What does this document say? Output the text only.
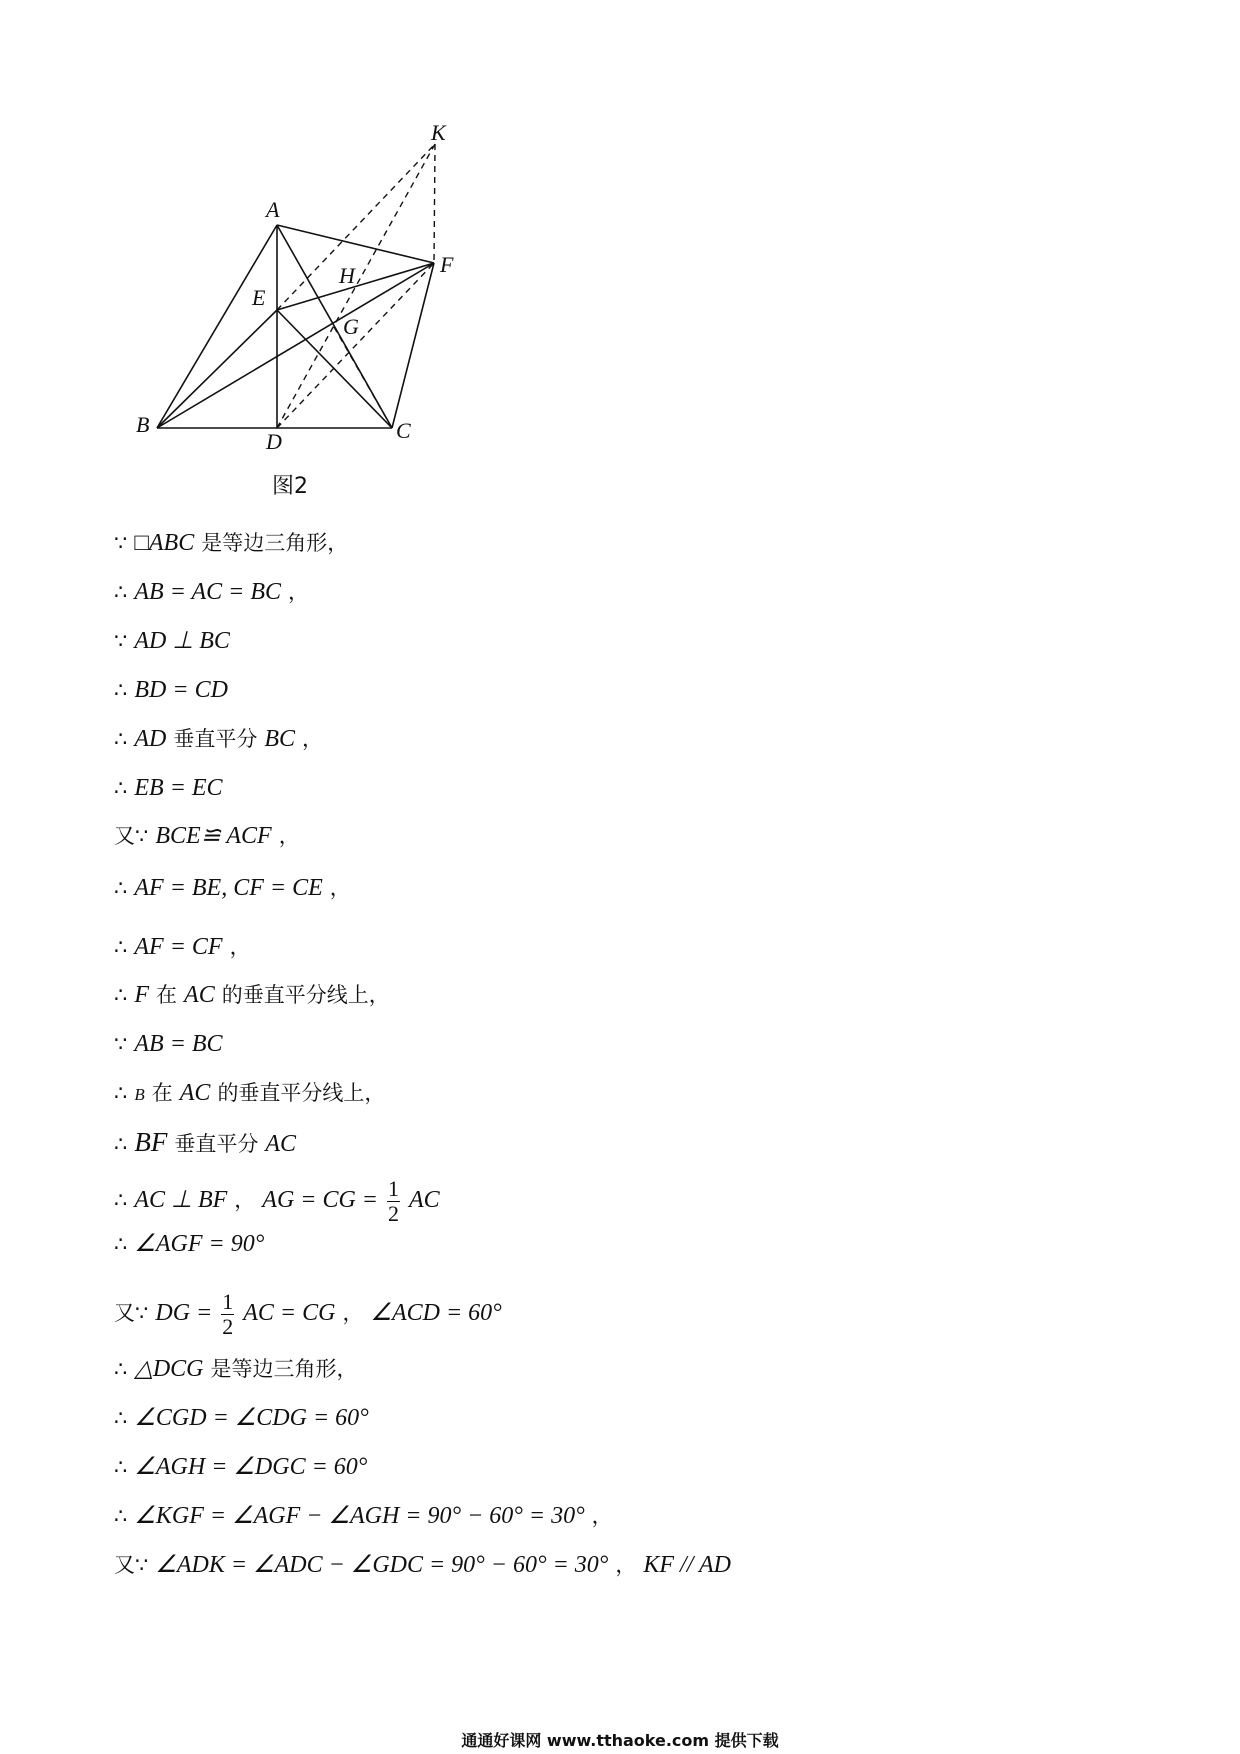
K
A
F
H
E
G
B
D	C
图2
∵ □ABC 是等边三角形，
∴ AB = AC = BC ，
∵ AD ⊥ BC
∴ BD = CD
∴ AD 垂直平分 BC ，
∴ EB = EC
又∵ BCE≌ ACF ，
∴ AF = BE, CF = CE ，
∴ AF = CF ，
∴ F 在 AC 的垂直平分线上，
∵ AB = BC
∴ B 在 AC 的垂直平分线上，
∴ BF 垂直平分 AC
∴ AC ⊥ BF ， AG = CG = $\frac{1}{2}$ AC
∴ ∠AGF = 90°
又∵ DG = $\frac{1}{2}$ AC = CG ， ∠ACD = 60°
∴ △DCG 是等边三角形，
∴ ∠CGD = ∠CDG = 60°
∴ ∠AGH = ∠DGC = 60°
∴ ∠KGF = ∠AGF − ∠AGH = 90° − 60° = 30° ，
又∵ ∠ADK = ∠ADC − ∠GDC = 90° − 60° = 30° ， KF // AD
通通好课网 www.tthaoke.com 提供下载
